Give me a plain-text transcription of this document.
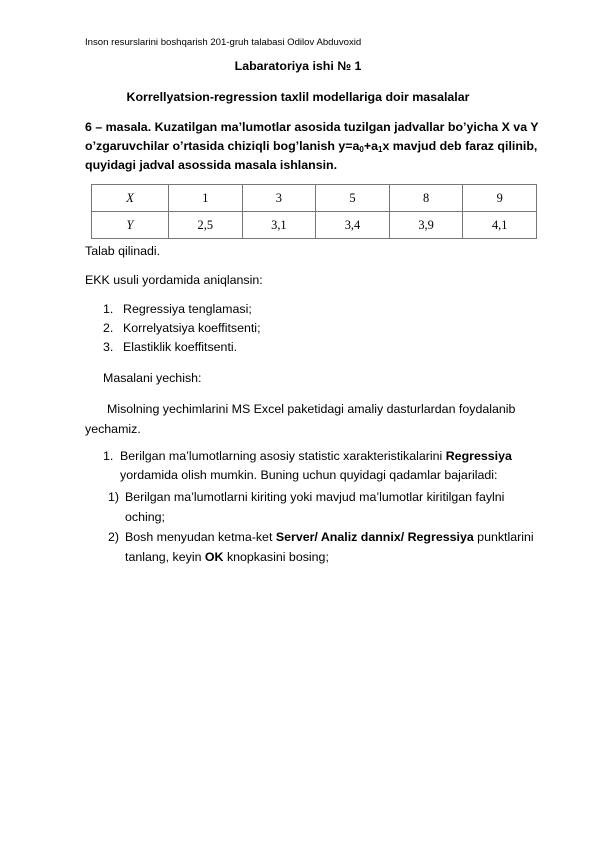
Inson resurslarini boshqarish 201-gruh talabasi Odilov Abduvoxid
Labaratoriya ishi № 1
Korrellyatsion-regression taxlil modellariga doir masalalar
6 – masala. Kuzatilgan ma’lumotlar asosida tuzilgan jadvallar bo’yicha X va Y o’zgaruvchilar o’rtasida chiziqli bog’lanish $y=a_0+a_1x$ mavjud deb faraz qilinib, quyidagi jadval asossida masala ishlansin.
X	1	3	5	8	9
Y	2,5	3,1	3,4	3,9	4,1
Talab qilinadi.
EKK usuli yordamida aniqlansin:
1. Regressiya tenglamasi;
2. Korrelyatsiya koeffitsenti;
3. Elastiklik koeffitsenti.
Masalani yechish:
Misolning yechimlarini MS Excel paketidagi amaliy dasturlardan foydalanib yechamiz.
1. Berilgan ma’lumotlarning asosiy statistic xarakteristikalarini Regressiya
yordamida olish mumkin. Buning uchun quyidagi qadamlar bajariladi:
1) Berilgan ma’lumotlarni kiriting yoki mavjud ma’lumotlar kiritilgan faylni
oching;
2) Bosh menyudan ketma-ket Server/ Analiz dannix/ Regressiya punktlarini
tanlang, keyin OK knopkasini bosing;
